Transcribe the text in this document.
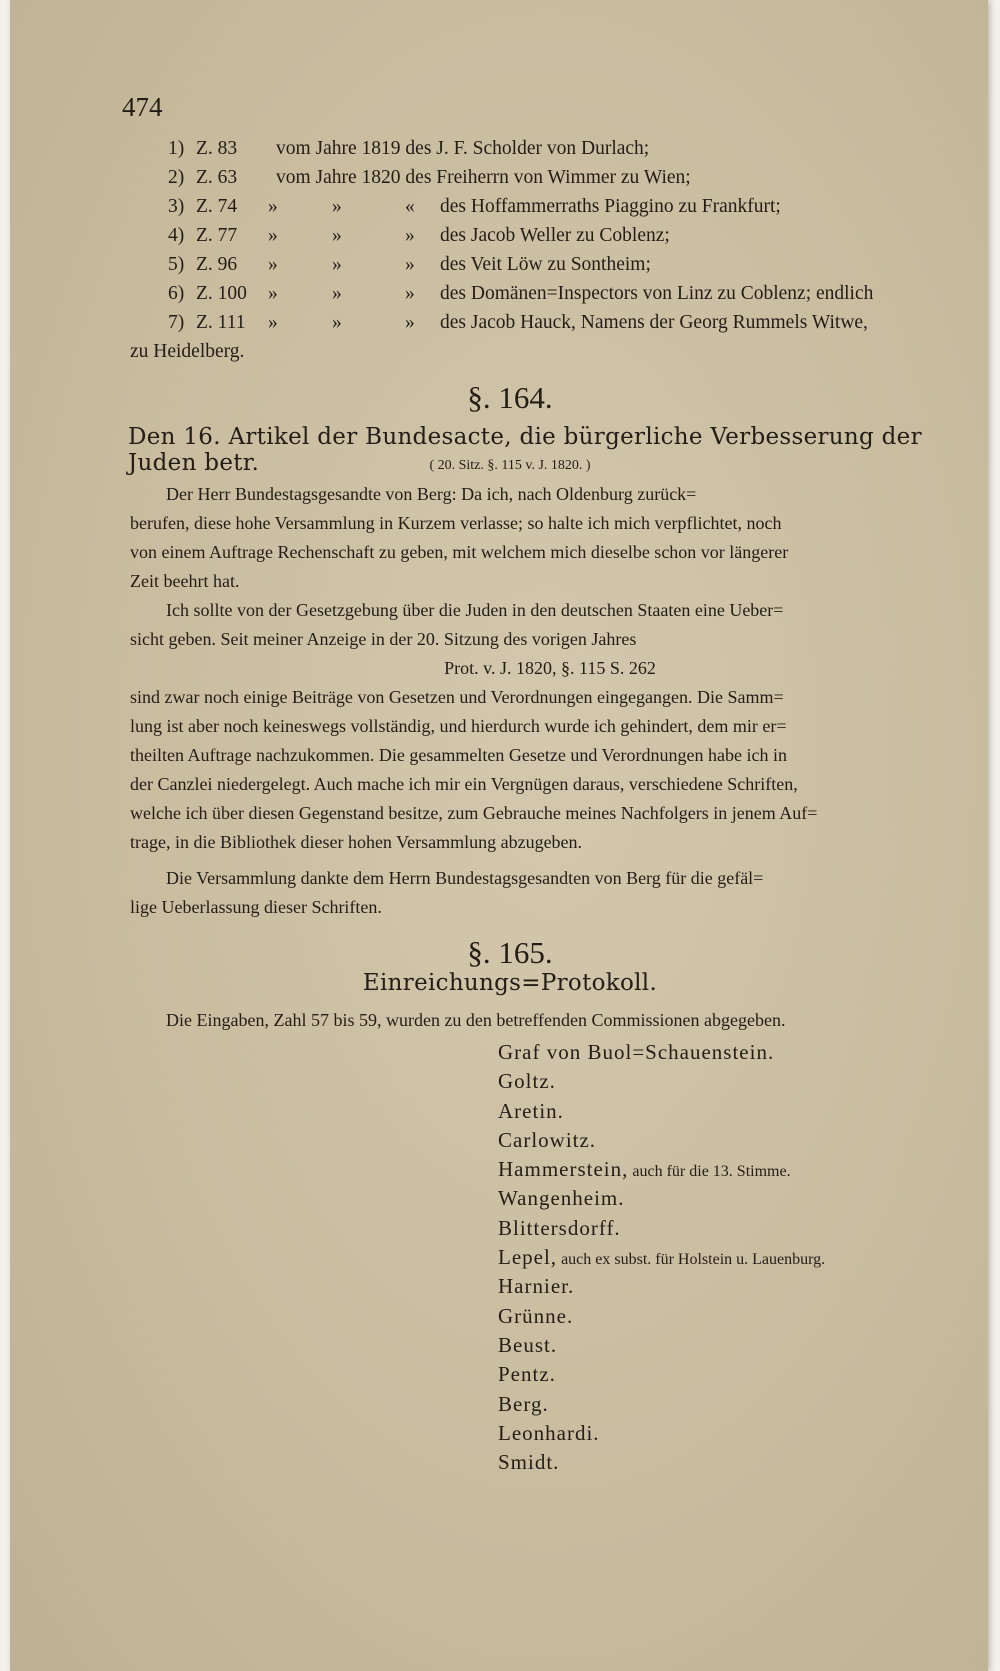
474
1) Z. 83 vom Jahre 1819 des J. F. Scholder von Durlach;
2) Z. 63 vom Jahre 1820 des Freiherrn von Wimmer zu Wien;
3) Z. 74 »	»	« des Hoffammerraths Piaggino zu Frankfurt;
4) Z. 77 »	»	» des Jacob Weller zu Coblenz;
5) Z. 96 »	»	» des Veit Löw zu Sontheim;
6) Z. 100 »	»	» des Domänen=Inspectors von Linz zu Coblenz; endlich
7) Z. 111 »	»	» des Jacob Hauck, Namens der Georg Rummels Witwe,
zu Heidelberg.
§. 164.
Den 16. Artikel der Bundesacte, die bürgerliche Verbesserung der Juden betr.	( 20. Sitz. §. 115 v. J. 1820. )
Der Herr Bundestagsgesandte von Berg: Da ich, nach Oldenburg zurück=
berufen, diese hohe Versammlung in Kurzem verlasse; so halte ich mich verpflichtet, noch
von einem Auftrage Rechenschaft zu geben, mit welchem mich dieselbe schon vor längerer
Zeit beehrt hat.
Ich sollte von der Gesetzgebung über die Juden in den deutschen Staaten eine Ueber=
sicht geben. Seit meiner Anzeige in der 20. Sitzung des vorigen Jahres
Prot. v. J. 1820, §. 115 S. 262
sind zwar noch einige Beiträge von Gesetzen und Verordnungen eingegangen. Die Samm=
lung ist aber noch keineswegs vollständig, und hierdurch wurde ich gehindert, dem mir er=
theilten Auftrage nachzukommen. Die gesammelten Gesetze und Verordnungen habe ich in
der Canzlei niedergelegt. Auch mache ich mir ein Vergnügen daraus, verschiedene Schriften,
welche ich über diesen Gegenstand besitze, zum Gebrauche meines Nachfolgers in jenem Auf=
trage, in die Bibliothek dieser hohen Versammlung abzugeben.
Die Versammlung dankte dem Herrn Bundestagsgesandten von Berg für die gefäl=
lige Ueberlassung dieser Schriften.
§. 165.
Einreichungs=Protokoll.
Die Eingaben, Zahl 57 bis 59, wurden zu den betreffenden Commissionen abgegeben.
Graf von Buol=Schauenstein.
Goltz.
Aretin.
Carlowitz.
Hammerstein, auch für die 13. Stimme.
Wangenheim.
Blittersdorff.
Lepel, auch ex subst. für Holstein u. Lauenburg.
Harnier.
Grünne.
Beust.
Pentz.
Berg.
Leonhardi.
Smidt.
